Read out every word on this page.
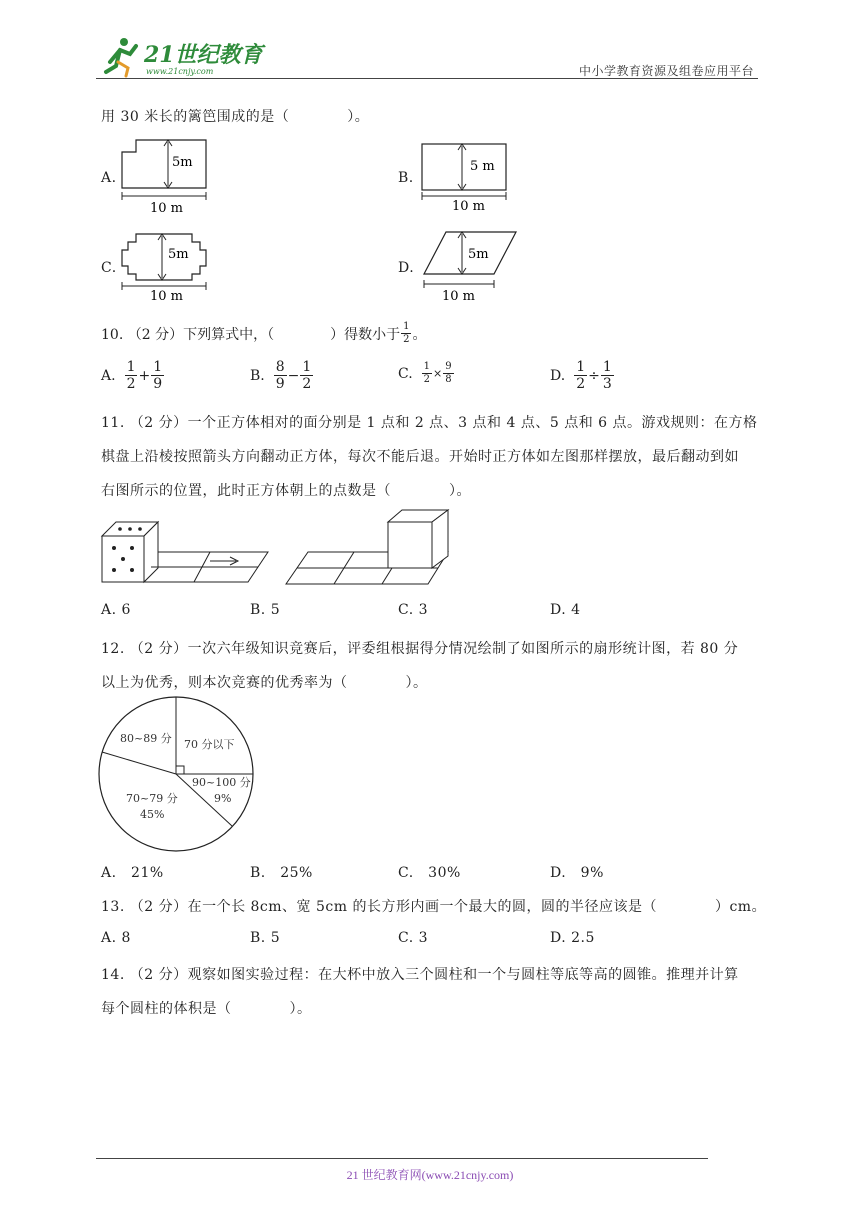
21世纪教育
www.21cnjy.com	中小学教育资源及组卷应用平台
用 30 米长的篱笆围成的是（　　　　）。
A.
5m
10 m
B.
5 m
10 m
C.
5m
10 m
D.
5m
10 m
10. （2 分）下列算式中，（　　　　）得数小于 $\frac{1}{2}$ 。
A. $\frac{1}{2} + \frac{1}{9}$	B. $\frac{8}{9} - \frac{1}{2}$	C. $\frac{1}{2} \times \frac{9}{8}$	D. $\frac{1}{2} \div \frac{1}{3}$
11. （2 分）一个正方体相对的面分别是 1 点和 2 点、3 点和 4 点、5 点和 6 点。游戏规则：在方格
棋盘上沿棱按照箭头方向翻动正方体，每次不能后退。开始时正方体如左图那样摆放，最后翻动到如
右图所示的位置，此时正方体朝上的点数是（　　　　）。
A. 6	B. 5	C. 3	D. 4
12. （2 分）一次六年级知识竞赛后，评委组根据得分情况绘制了如图所示的扇形统计图，若 80 分
以上为优秀，则本次竞赛的优秀率为（　　　　）。
80~89 分 70 分以下
90~100 分
9%
70~79 分
45%
A.　21%	B.　25%	C.　30%	D.　9%
13. （2 分）在一个长 8cm、宽 5cm 的长方形内画一个最大的圆，圆的半径应该是（　　　　）cm。
A. 8	B. 5	C. 3	D. 2.5
14. （2 分）观察如图实验过程：在大杯中放入三个圆柱和一个与圆柱等底等高的圆锥。推理并计算
每个圆柱的体积是（　　　　）。
21 世纪教育网(www.21cnjy.com)
